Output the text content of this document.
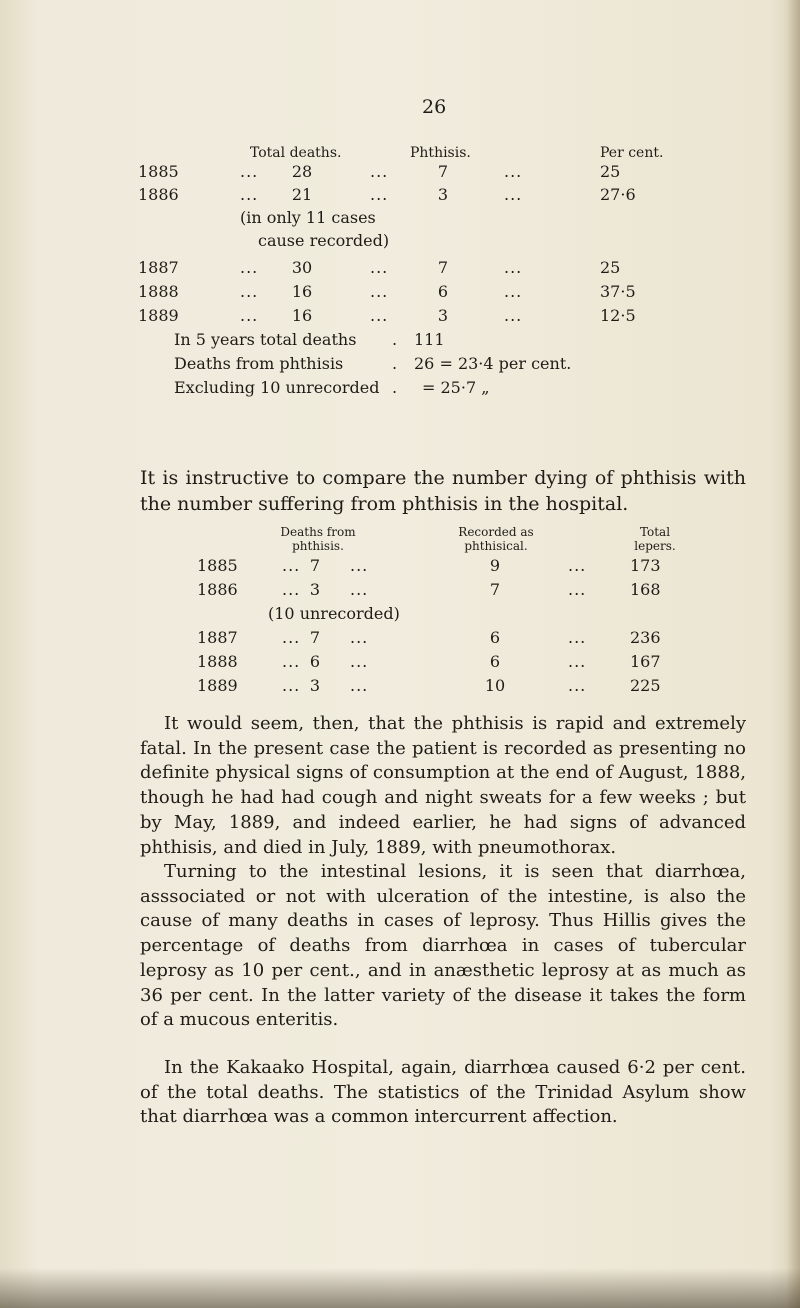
26
Total deaths.	Phthisis.	Per cent.
1885	...	28	...	7	...	25
1886	...	21	...	3	...	27·6
(in only 11 cases
cause recorded)
1887	...	30	...	7	...	25
1888	...	16	...	6	...	37·5
1889	...	16	...	3	...	12·5
In 5 years total deaths . 111
Deaths from phthisis	. 26 = 23·4 per cent.
Excluding 10 unrecorded . = 25·7 „
It is instructive to compare the number dying of phthisis with the number suffering from phthisis in the hospital.
Deaths from
phthisis.
Recorded as
phthisical.
Total
lepers.
1885	... 7	...	9	...	173
1886	... 3	...	7	...	168
(10 unrecorded)
1887	... 7	...	6	...	236
1888	... 6	...	6	...	167
1889	... 3	...	10	...	225
It would seem, then, that the phthisis is rapid and extremely fatal. In the present case the patient is recorded as presenting no definite physical signs of consumption at the end of August, 1888, though he had had cough and night sweats for a few weeks ; but by May, 1889, and indeed earlier, he had signs of advanced phthisis, and died in July, 1889, with pneumothorax.
Turning to the intestinal lesions, it is seen that diarrhœa, asssociated or not with ulceration of the intestine, is also the cause of many deaths in cases of leprosy. Thus Hillis gives the percentage of deaths from diarrhœa in cases of tubercular leprosy as 10 per cent., and in anæsthetic leprosy at as much as 36 per cent. In the latter variety of the disease it takes the form of a mucous enteritis.
In the Kakaako Hospital, again, diarrhœa caused 6·2 per cent. of the total deaths. The statistics of the Trinidad Asylum show that diarrhœa was a common intercurrent affection.
